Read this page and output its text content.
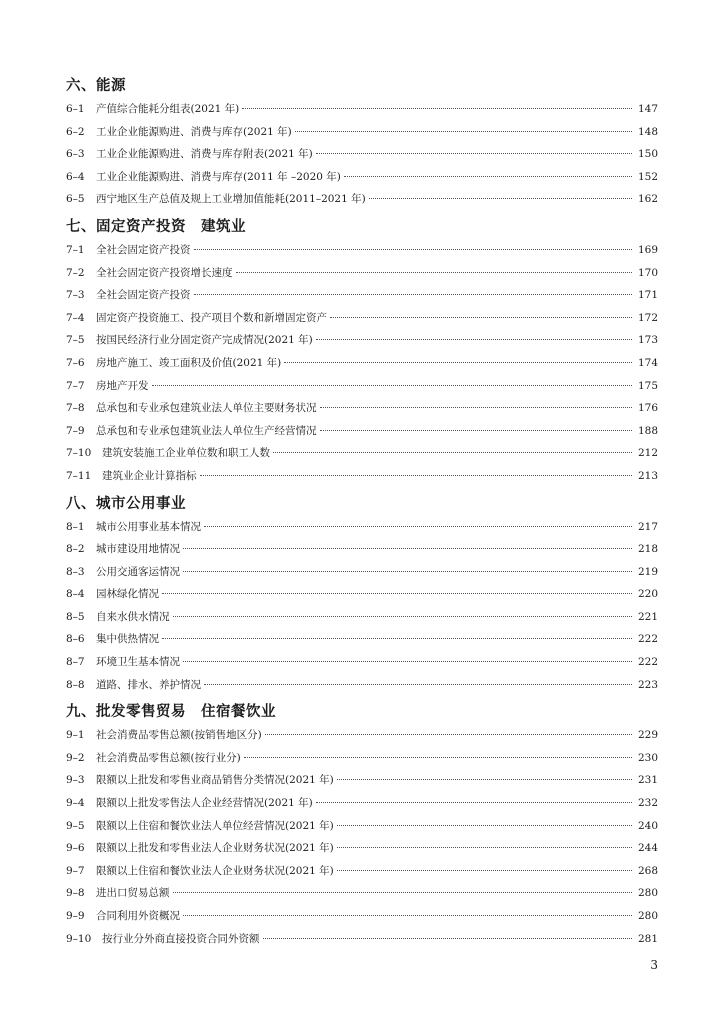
六、能源
6–1	产值综合能耗分组表(2021 年)	147
6–2	工业企业能源购进、消费与库存(2021 年)	148
6–3	工业企业能源购进、消费与库存附表(2021 年)	150
6–4	工业企业能源购进、消费与库存(2011 年 –2020 年)	152
6–5	西宁地区生产总值及规上工业增加值能耗(2011–2021 年)	162
七、固定资产投资　建筑业
7–1	全社会固定资产投资	169
7–2	全社会固定资产投资增长速度	170
7–3	全社会固定资产投资	171
7–4	固定资产投资施工、投产项目个数和新增固定资产	172
7–5	按国民经济行业分固定资产完成情况(2021 年)	173
7–6	房地产施工、竣工面积及价值(2021 年)	174
7–7	房地产开发	175
7–8	总承包和专业承包建筑业法人单位主要财务状况	176
7–9	总承包和专业承包建筑业法人单位生产经营情况	188
7–10	建筑安装施工企业单位数和职工人数	212
7–11	建筑业企业计算指标	213
八、城市公用事业
8–1	城市公用事业基本情况	217
8–2	城市建设用地情况	218
8–3	公用交通客运情况	219
8–4	园林绿化情况	220
8–5	自来水供水情况	221
8–6	集中供热情况	222
8–7	环境卫生基本情况	222
8–8	道路、排水、养护情况	223
九、批发零售贸易　住宿餐饮业
9–1	社会消费品零售总额(按销售地区分)	229
9–2	社会消费品零售总额(按行业分)	230
9–3	限额以上批发和零售业商品销售分类情况(2021 年)	231
9–4	限额以上批发零售法人企业经营情况(2021 年)	232
9–5	限额以上住宿和餐饮业法人单位经营情况(2021 年)	240
9–6	限额以上批发和零售业法人企业财务状况(2021 年)	244
9–7	限额以上住宿和餐饮业法人企业财务状况(2021 年)	268
9–8	进出口贸易总额	280
9–9	合同利用外资概况	280
9–10	按行业分外商直接投资合同外资额	281
3
